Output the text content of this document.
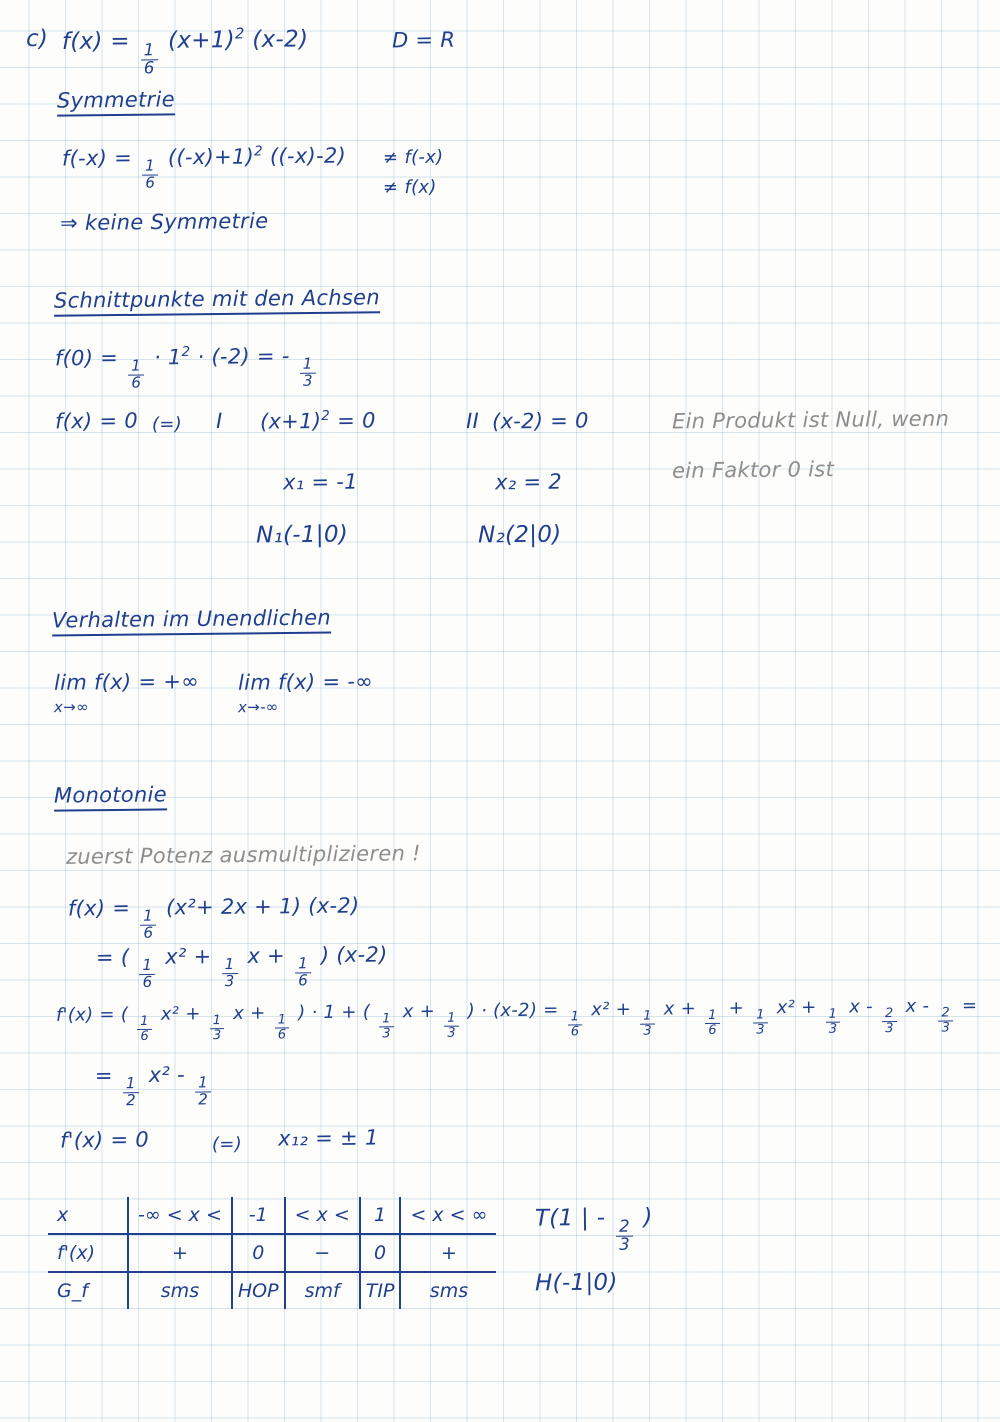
c) f(x) =
$\frac{1}{6}$
$(x+1)^2$ (x-2)	D = R
Symmetrie
f(-x) =
$\frac{1}{6}$
$((-x)+1)^2$ ((-x)-2) ≠ f(-x)
≠ f(x)
⇒ keine Symmetrie
Schnittpunkte mit den Achsen
f(0) =
$\frac{1}{6}$
· $1^2 \cdot (-2)$ = -
$\frac{1}{3}$
f(x) = 0 (=) I $(x+1)^2 = 0$	II (x-2) = 0
x₁ = -1	x₂ = 2
N₁(-1|0)	N₂(2|0)
Ein Produkt ist Null, wenn
ein Faktor 0 ist
Verhalten im Unendlichen
lim f(x) = +∞
x→∞
lim f(x) = -∞
x→-∞
Monotonie
zuerst Potenz ausmultiplizieren !
f(x) =
$\frac{1}{6}$
(x²+ 2x + 1) (x-2)
= (
$\frac{1}{6}$
x² +
$\frac{1}{3}$
x +
$\frac{1}{6}$
) (x-2)
f'(x) = (
$\frac{1}{6}$
x² +
$\frac{1}{3}$
x +
$\frac{1}{6}$
) · 1 + (
$\frac{1}{3}$
x +
$\frac{1}{3}$
) · (x-2) =
$\frac{1}{6}$
x² +
$\frac{1}{3}$
x +
$\frac{1}{6}$
+
$\frac{1}{3}$
x² +
$\frac{1}{3}$
x -
$\frac{2}{3}$
x -
$\frac{2}{3}$
=
=
$\frac{1}{2}$
x² -
$\frac{1}{2}$
f'(x) = 0	(=) x₁₂ = ± 1
x	-∞ < x <	-1	< x <	1	< x < ∞
f'(x)	+	0	−	0	+
G_f	sms	HOP	smf	TIP	sms
T(1 | -
$\frac{2}{3}$
)
H(-1|0)
